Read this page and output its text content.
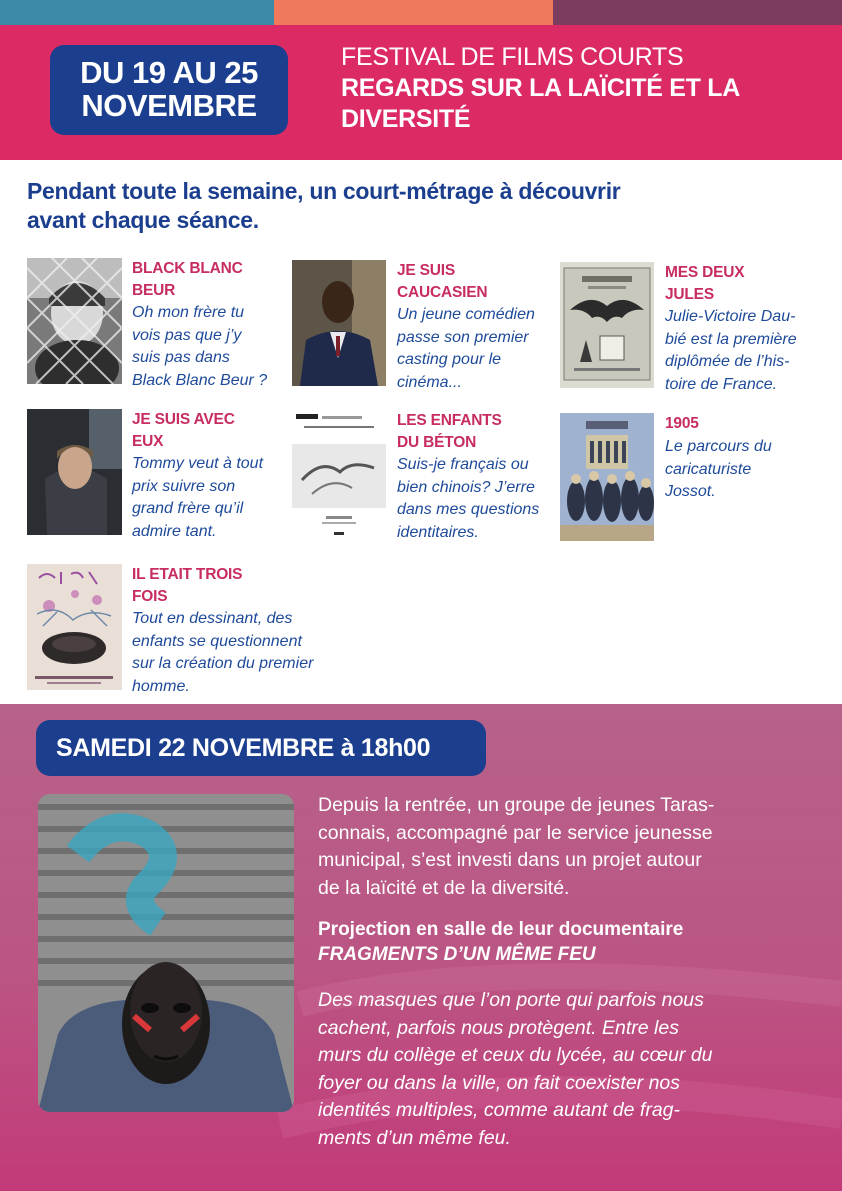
DU 19 AU 25
NOVEMBRE
FESTIVAL DE FILMS COURTS
REGARDS SUR LA LAÏCITÉ ET LA
DIVERSITÉ
Pendant toute la semaine, un court-métrage à découvrir
avant chaque séance.
BLACK BLANC
BEUR
Oh mon frère tu
vois pas que j’y
suis pas dans
Black Blanc Beur ?
JE SUIS
CAUCASIEN
Un jeune comédien
passe son premier
casting pour le
cinéma...
MES DEUX
JULES
Julie-Victoire Dau-
bié est la première
diplômée de l’his-
toire de France.
JE SUIS AVEC
EUX
Tommy veut à tout
prix suivre son
grand frère qu’il
admire tant.
LES ENFANTS
DU BÉTON
Suis-je français ou
bien chinois? J’erre
dans mes questions
identitaires.
1905
Le parcours du
caricaturiste
Jossot.
IL ETAIT TROIS
FOIS
Tout en dessinant, des
enfants se questionnent
sur la création du premier
homme.
SAMEDI 22 NOVEMBRE à 18h00
Depuis la rentrée, un groupe de jeunes Taras-
connais, accompagné par le service jeunesse
municipal, s’est investi dans un projet autour
de la laïcité et de la diversité.
Projection en salle de leur documentaire
FRAGMENTS D’UN MÊME FEU
Des masques que l’on porte qui parfois nous
cachent, parfois nous protègent. Entre les
murs du collège et ceux du lycée, au cœur du
foyer ou dans la ville, on fait coexister nos
identités multiples, comme autant de frag-
ments d’un même feu.
